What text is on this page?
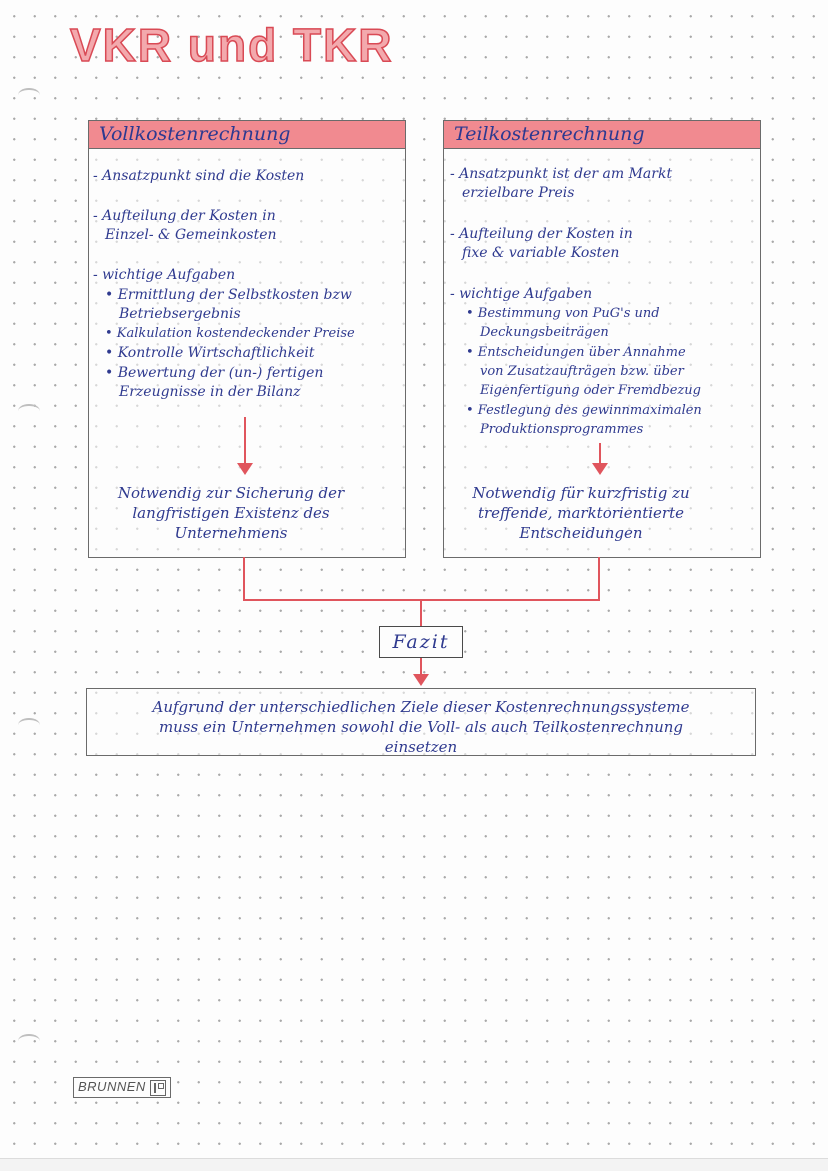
VKR und TKR
Vollkostenrechnung
- Ansatzpunkt sind die Kosten
- Aufteilung der Kosten in
Einzel- & Gemeinkosten
- wichtige Aufgaben
• Ermittlung der Selbstkosten bzw
Betriebsergebnis
• Kalkulation kostendeckender Preise
• Kontrolle Wirtschaftlichkeit
• Bewertung der (un-) fertigen
Erzeugnisse in der Bilanz
Notwendig zur Sicherung der
langfristigen Existenz des
Unternehmens
Teilkostenrechnung
- Ansatzpunkt ist der am Markt
erzielbare Preis
- Aufteilung der Kosten in
fixe & variable Kosten
- wichtige Aufgaben
• Bestimmung von PuG's und
Deckungsbeiträgen
• Entscheidungen über Annahme
von Zusatzaufträgen bzw. über
Eigenfertigung oder Fremdbezug
• Festlegung des gewinnmaximalen
Produktionsprogrammes
Notwendig für kurzfristig zu
treffende, marktorientierte
Entscheidungen
Fazit
Aufgrund der unterschiedlichen Ziele dieser Kostenrechnungssysteme
muss ein Unternehmen sowohl die Voll- als auch Teilkostenrechnung
einsetzen
BRUNNEN
